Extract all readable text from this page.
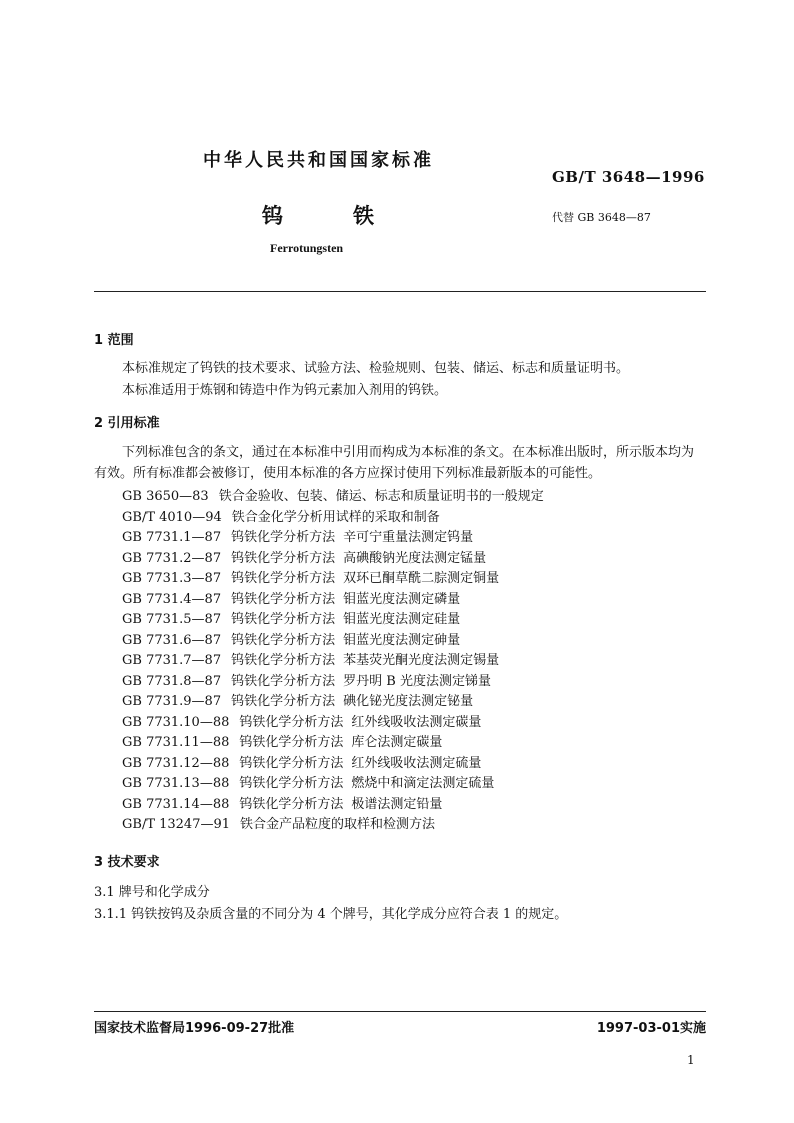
中华人民共和国国家标准
GB/T 3648—1996
钨	铁	代替 GB 3648—87
Ferrotungsten
1 范围
本标准规定了钨铁的技术要求、试验方法、检验规则、包装、储运、标志和质量证明书。
本标准适用于炼钢和铸造中作为钨元素加入剂用的钨铁。
2 引用标准
下列标准包含的条文，通过在本标准中引用而构成为本标准的条文。在本标准出版时，所示版本均为
有效。所有标准都会被修订，使用本标准的各方应探讨使用下列标准最新版本的可能性。
GB 3650—83 铁合金验收、包装、储运、标志和质量证明书的一般规定
GB/T 4010—94 铁合金化学分析用试样的采取和制备
GB 7731.1—87 钨铁化学分析方法 辛可宁重量法测定钨量
GB 7731.2—87 钨铁化学分析方法 高碘酸钠光度法测定锰量
GB 7731.3—87 钨铁化学分析方法 双环已酮草酰二腙测定铜量
GB 7731.4—87 钨铁化学分析方法 钼蓝光度法测定磷量
GB 7731.5—87 钨铁化学分析方法 钼蓝光度法测定硅量
GB 7731.6—87 钨铁化学分析方法 钼蓝光度法测定砷量
GB 7731.7—87 钨铁化学分析方法 苯基荧光酮光度法测定锡量
GB 7731.8—87 钨铁化学分析方法 罗丹明 B 光度法测定锑量
GB 7731.9—87 钨铁化学分析方法 碘化铋光度法测定铋量
GB 7731.10—88 钨铁化学分析方法 红外线吸收法测定碳量
GB 7731.11—88 钨铁化学分析方法 库仑法测定碳量
GB 7731.12—88 钨铁化学分析方法 红外线吸收法测定硫量
GB 7731.13—88 钨铁化学分析方法 燃烧中和滴定法测定硫量
GB 7731.14—88 钨铁化学分析方法 极谱法测定铅量
GB/T 13247—91 铁合金产品粒度的取样和检测方法
3 技术要求
3.1 牌号和化学成分
3.1.1 钨铁按钨及杂质含量的不同分为 4 个牌号，其化学成分应符合表 1 的规定。
国家技术监督局1996-09-27批准	1997-03-01实施
1
